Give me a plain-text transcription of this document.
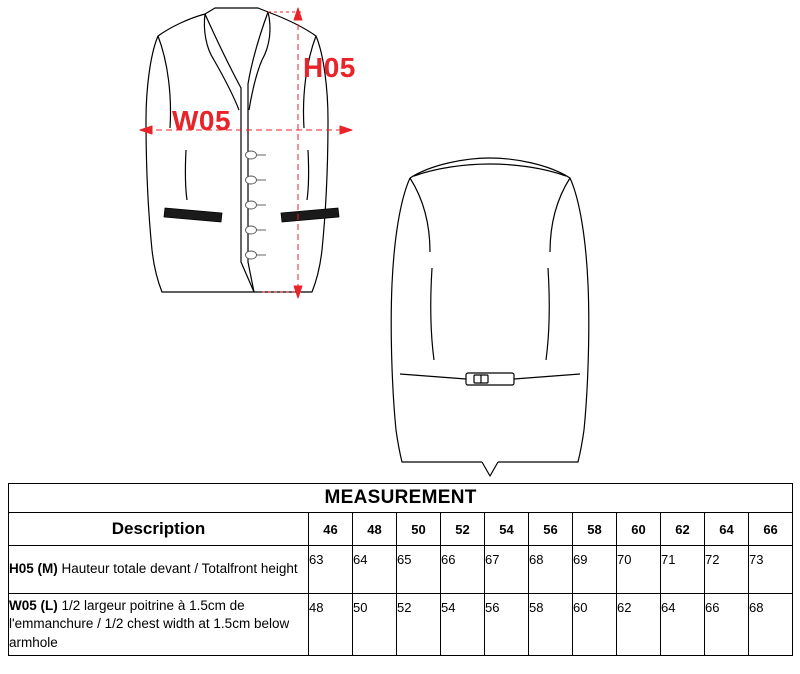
H05
W05
MEASUREMENT											
Description	46	48	50	52	54	56	58	60	62	64	66
H05 (M) Hauteur totale devant / Totalfront height	63	64	65	66	67	68	69	70	71	72	73
W05 (L) 1/2 largeur poitrine à 1.5cm de l'emmanchure / 1/2 chest width at 1.5cm below armhole	48	50	52	54	56	58	60	62	64	66	68
